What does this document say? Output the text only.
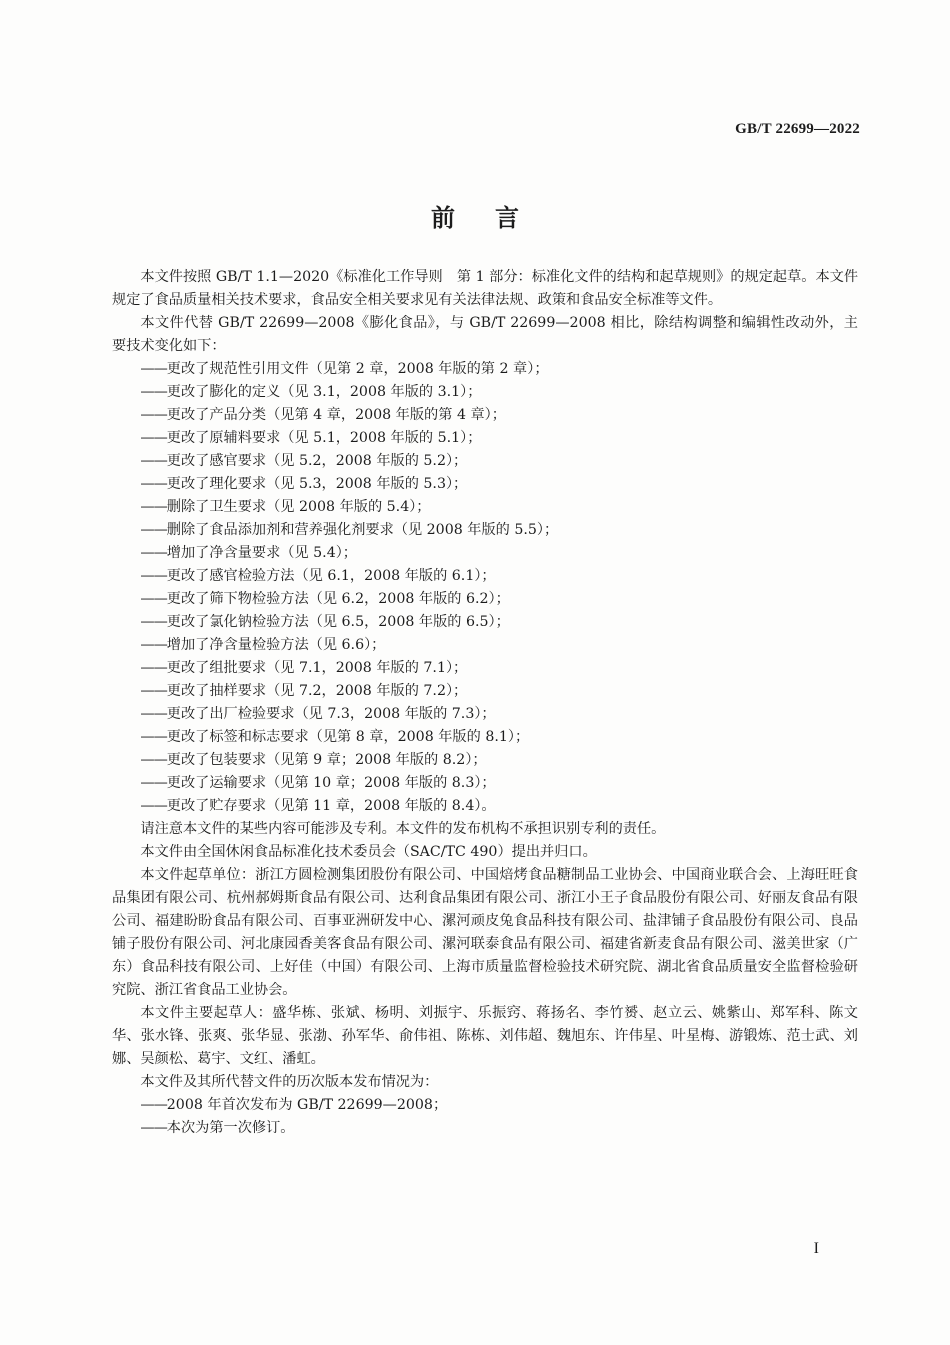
GB/T 22699—2022
前言

本文件按照 GB/T 1.1—2020《标准化工作导则　第 1 部分：标准化文件的结构和起草规则》的规定起草。本文件规定了食品质量相关技术要求，食品安全相关要求见有关法律法规、政策和食品安全标准等文件。

本文件代替 GB/T 22699—2008《膨化食品》，与 GB/T 22699—2008 相比，除结构调整和编辑性改动外，主要技术变化如下：

——更改了规范性引用文件（见第 2 章，2008 年版的第 2 章）；
——更改了膨化的定义（见 3.1，2008 年版的 3.1）；
——更改了产品分类（见第 4 章，2008 年版的第 4 章）；
——更改了原辅料要求（见 5.1，2008 年版的 5.1）；
——更改了感官要求（见 5.2，2008 年版的 5.2）；
——更改了理化要求（见 5.3，2008 年版的 5.3）；
——删除了卫生要求（见 2008 年版的 5.4）；
——删除了食品添加剂和营养强化剂要求（见 2008 年版的 5.5）；
——增加了净含量要求（见 5.4）；
——更改了感官检验方法（见 6.1，2008 年版的 6.1）；
——更改了筛下物检验方法（见 6.2，2008 年版的 6.2）；
——更改了氯化钠检验方法（见 6.5，2008 年版的 6.5）；
——增加了净含量检验方法（见 6.6）；
——更改了组批要求（见 7.1，2008 年版的 7.1）；
——更改了抽样要求（见 7.2，2008 年版的 7.2）；
——更改了出厂检验要求（见 7.3，2008 年版的 7.3）；
——更改了标签和标志要求（见第 8 章，2008 年版的 8.1）；
——更改了包装要求（见第 9 章；2008 年版的 8.2）；
——更改了运输要求（见第 10 章；2008 年版的 8.3）；
——更改了贮存要求（见第 11 章，2008 年版的 8.4）。

请注意本文件的某些内容可能涉及专利。本文件的发布机构不承担识别专利的责任。

本文件由全国休闲食品标准化技术委员会（SAC/TC 490）提出并归口。

本文件起草单位：浙江方圆检测集团股份有限公司、中国焙烤食品糖制品工业协会、中国商业联合会、上海旺旺食品集团有限公司、杭州郝姆斯食品有限公司、达利食品集团有限公司、浙江小王子食品股份有限公司、好丽友食品有限公司、福建盼盼食品有限公司、百事亚洲研发中心、漯河顽皮兔食品科技有限公司、盐津铺子食品股份有限公司、良品铺子股份有限公司、河北康园香美客食品有限公司、漯河联泰食品有限公司、福建省新麦食品有限公司、滋美世家（广东）食品科技有限公司、上好佳（中国）有限公司、上海市质量监督检验技术研究院、湖北省食品质量安全监督检验研究院、浙江省食品工业协会。

本文件主要起草人：盛华栋、张斌、杨明、刘振宇、乐振窍、蒋扬名、李竹赟、赵立云、姚紫山、郑军科、陈文华、张水锋、张爽、张华显、张渤、孙军华、俞伟祖、陈栋、刘伟超、魏旭东、许伟星、叶星梅、游锻炼、范士武、刘娜、吴颜松、葛宇、文红、潘虹。

本文件及其所代替文件的历次版本发布情况为：

——2008 年首次发布为 GB/T 22699—2008；
——本次为第一次修订。
I
